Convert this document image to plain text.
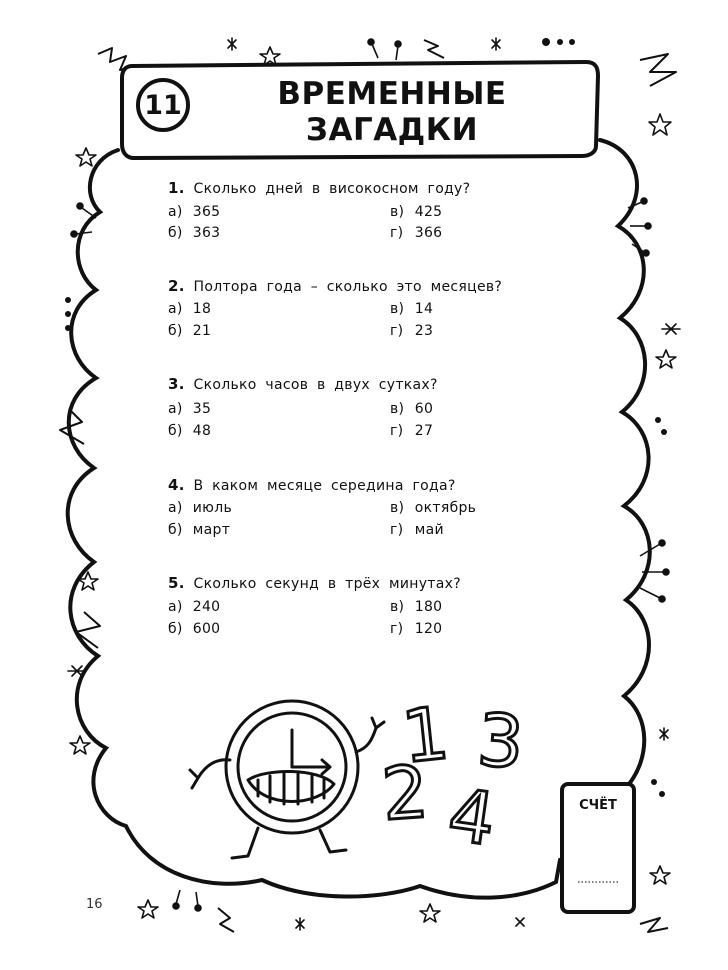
1 3
2 4
11	ВРЕМЕННЫЕ
ЗАГАДКИ
1. Сколько дней в високосном году?
а) 365	в) 425
б) 363	г) 366
2. Полтора года – сколько это месяцев?
а) 18	в) 14
б) 21	г) 23
3. Сколько часов в двух сутках?
а) 35	в) 60
б) 48	г) 27
4. В каком месяце середина года?
а) июль	в) октябрь
б) март	г) май
5. Сколько секунд в трёх минутах?
а) 240	в) 180
б) 600	г) 120
СЧЁТ
16
